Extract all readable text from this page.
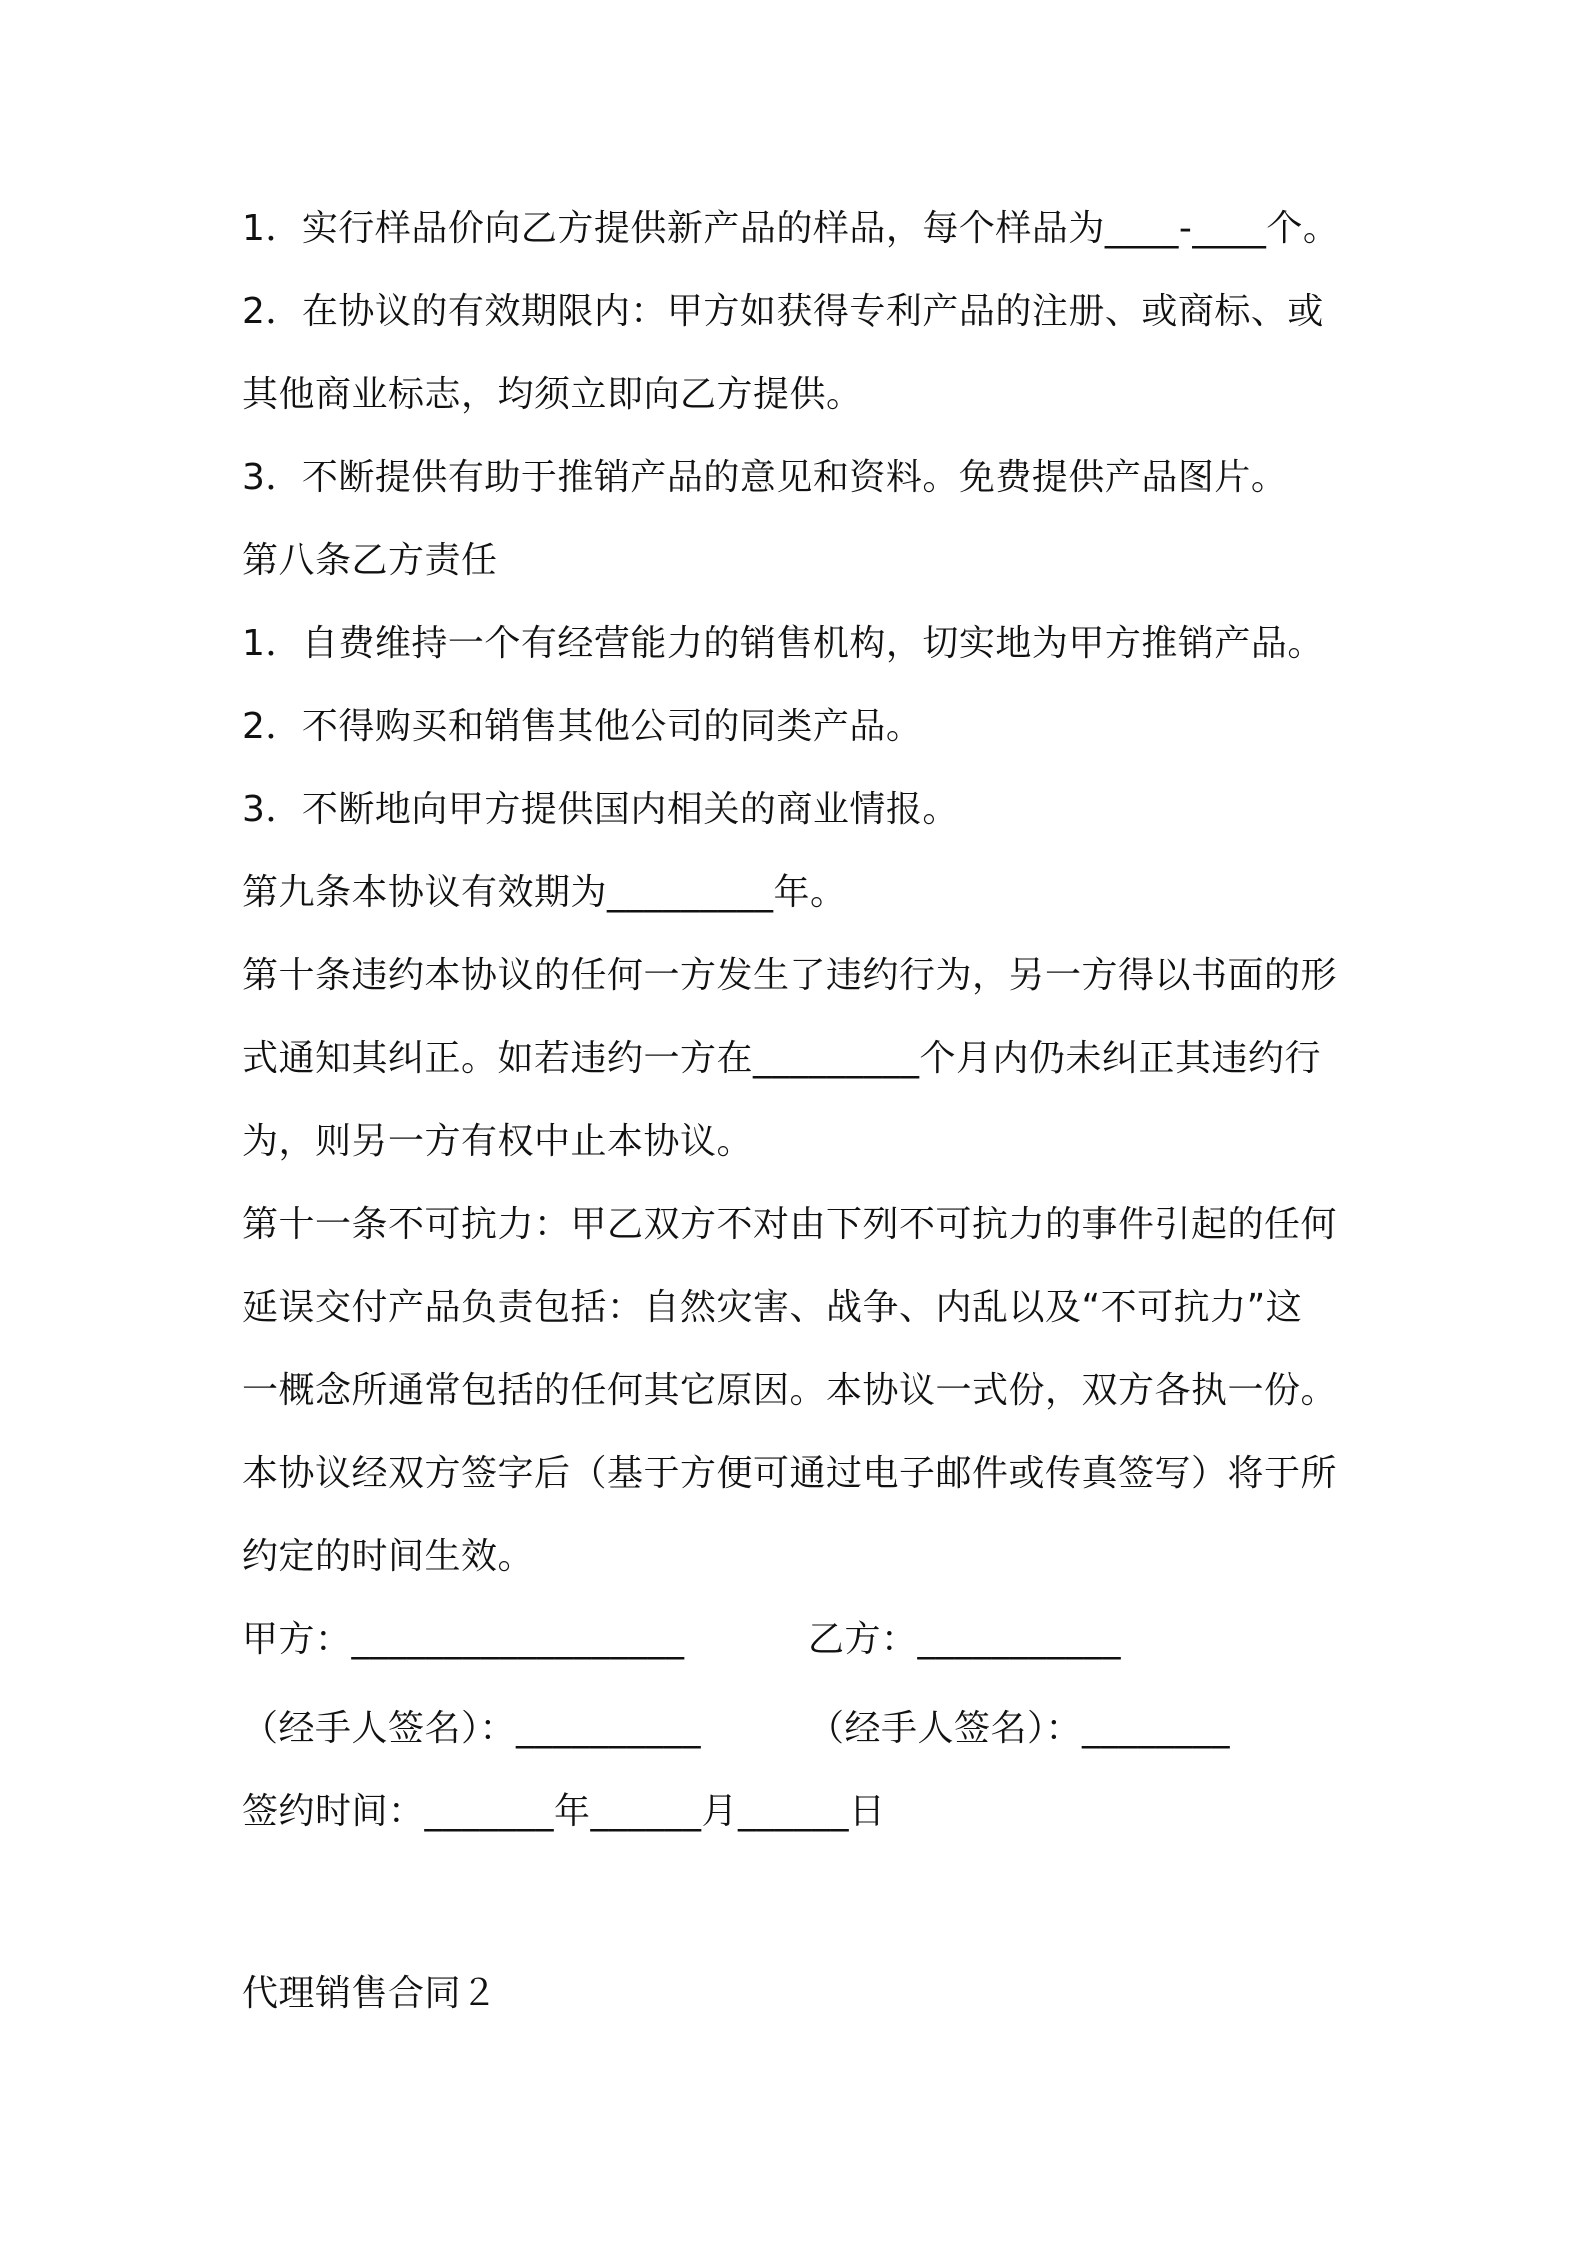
1．实行样品价向乙方提供新产品的样品，每个样品为____-____个。
2．在协议的有效期限内：甲方如获得专利产品的注册、或商标、或
其他商业标志，均须立即向乙方提供。
3．不断提供有助于推销产品的意见和资料。免费提供产品图片。
第八条乙方责任
1．自费维持一个有经营能力的销售机构，切实地为甲方推销产品。
2．不得购买和销售其他公司的同类产品。
3．不断地向甲方提供国内相关的商业情报。
第九条本协议有效期为_________年。
第十条违约本协议的任何一方发生了违约行为，另一方得以书面的形
式通知其纠正。如若违约一方在_________个月内仍未纠正其违约行
为，则另一方有权中止本协议。
第十一条不可抗力：甲乙双方不对由下列不可抗力的事件引起的任何
延误交付产品负责包括：自然灾害、战争、内乱以及“不可抗力”这
一概念所通常包括的任何其它原因。本协议一式份，双方各执一份。
本协议经双方签字后（基于方便可通过电子邮件或传真签写）将于所
约定的时间生效。
甲方：__________________	乙方：___________
（经手人签名）：__________	（经手人签名）：________
签约时间：_______年______月______日
代理销售合同２
